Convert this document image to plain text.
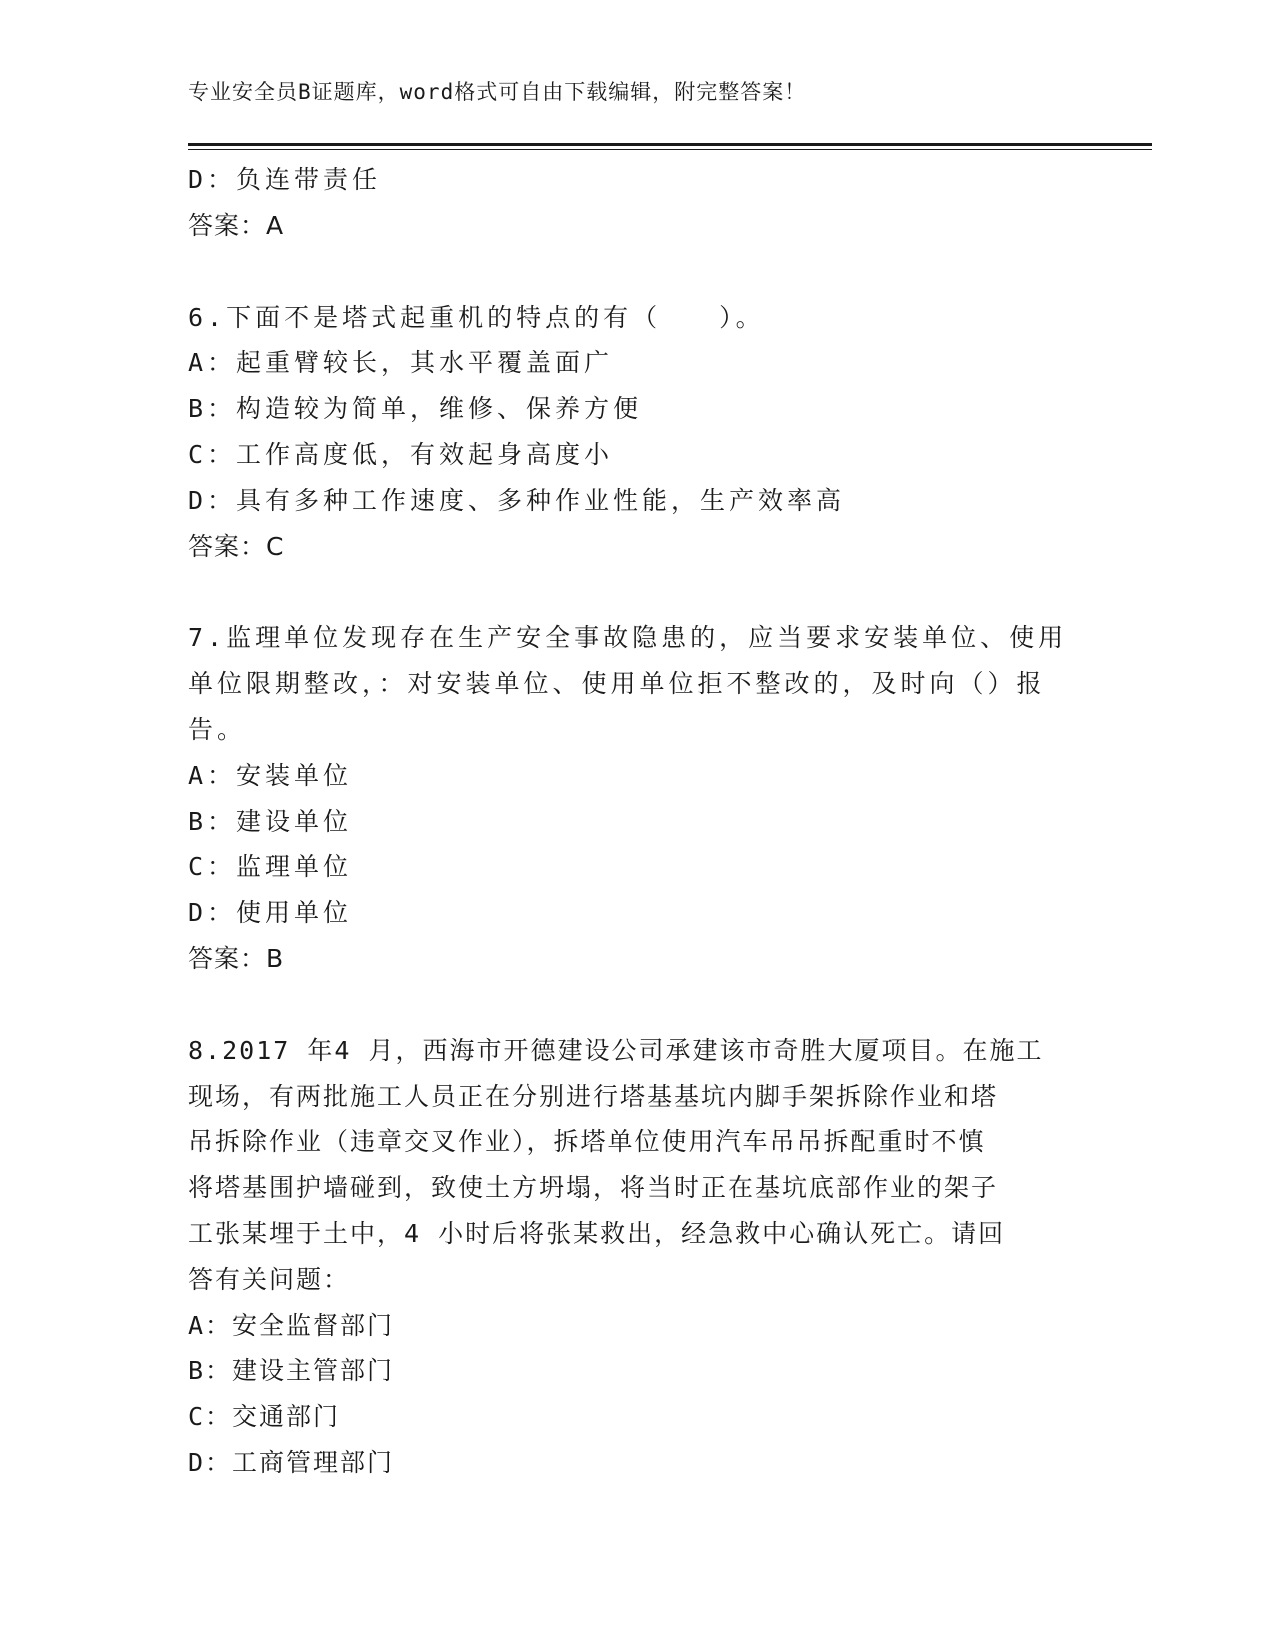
专业安全员B证题库，word格式可自由下载编辑，附完整答案！
D：负连带责任
答案：A
6.下面不是塔式起重机的特点的有（　　）。
A：起重臂较长，其水平覆盖面广
B：构造较为简单，维修、保养方便
C：工作高度低，有效起身高度小
D：具有多种工作速度、多种作业性能，生产效率高
答案：C
7.监理单位发现存在生产安全事故隐患的，应当要求安装单位、使用
单位限期整改，：对安装单位、使用单位拒不整改的，及时向（）报
告。
A：安装单位
B：建设单位
C：监理单位
D：使用单位
答案：B
8.2017 年4 月，西海市开德建设公司承建该市奇胜大厦项目。在施工
现场，有两批施工人员正在分别进行塔基基坑内脚手架拆除作业和塔
吊拆除作业（违章交叉作业），拆塔单位使用汽车吊吊拆配重时不慎
将塔基围护墙碰到，致使土方坍塌，将当时正在基坑底部作业的架子
工张某埋于土中，4 小时后将张某救出，经急救中心确认死亡。请回
答有关问题：
A：安全监督部门
B：建设主管部门
C：交通部门
D：工商管理部门
